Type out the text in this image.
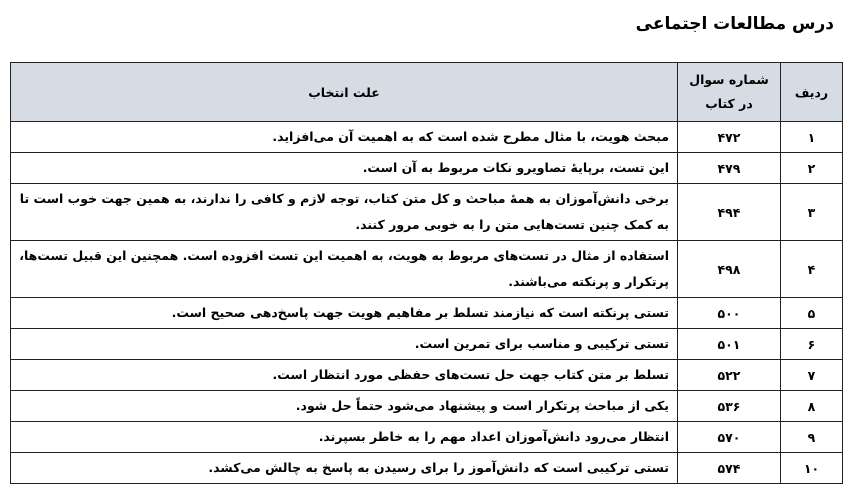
درس مطالعات اجتماعی
ردیف	شماره سوال در کتاب	علت انتخاب
۱	۴۷۲	مبحث هویت، با مثال مطرح شده است که به اهمیت آن می‌افزاید.
۲	۴۷۹	این تست، برپایهٔ تصاویرو نکات مربوط به آن است.
۳	۴۹۴	برخی دانش‌آموزان به همهٔ مباحث و کل متن کتاب، توجه لازم و کافی را ندارند، به همین جهت خوب است تا به کمک چنین تست‌هایی متن را به خوبی مرور کنند.
۴	۴۹۸	استفاده از مثال در تست‌های مربوط به هویت، به اهمیت این تست افزوده است. همچنین این قبیل تست‌ها، پرتکرار و پرنکته می‌باشند.
۵	۵۰۰	تستی پرنکته است که نیازمند تسلط بر مفاهیم هویت جهت پاسخ‌دهی صحیح است.
۶	۵۰۱	تستی ترکیبی و مناسب برای تمرین است.
۷	۵۲۲	تسلط بر متن کتاب جهت حل تست‌های حفظی مورد انتظار است.
۸	۵۳۶	یکی از مباحث پرتکرار است و پیشنهاد می‌شود حتماً حل شود.
۹	۵۷۰	انتظار می‌رود دانش‌آموزان اعداد مهم را به خاطر بسپرند.
۱۰	۵۷۴	تستی ترکیبی است که دانش‌آموز را برای رسیدن به پاسخ به چالش می‌کشد.
